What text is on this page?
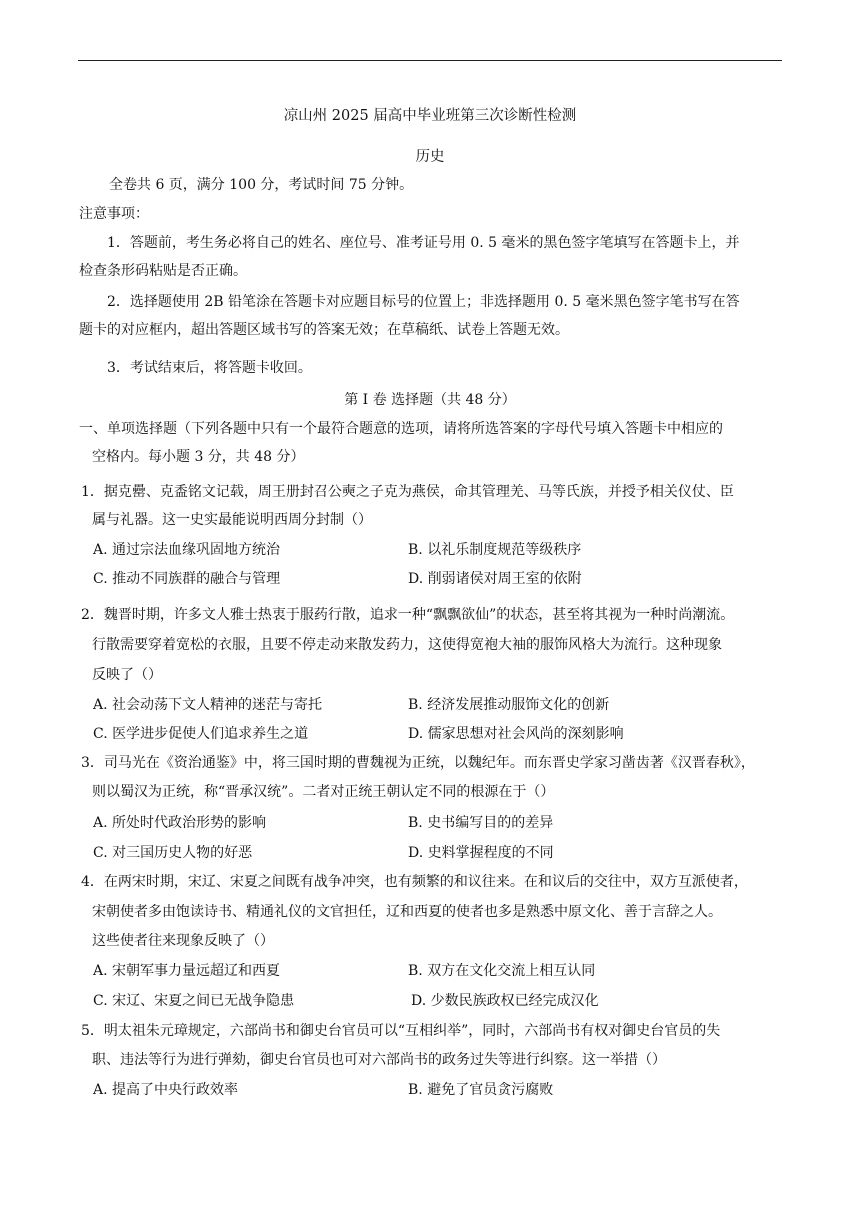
凉山州 2025 届高中毕业班第三次诊断性检测
历史
全卷共 6 页，满分 100 分，考试时间 75 分钟。
注意事项：
1．答题前，考生务必将自己的姓名、座位号、准考证号用 0. 5 毫米的黑色签字笔填写在答题卡上，并
检查条形码粘贴是否正确。
2．选择题使用 2B 铅笔涂在答题卡对应题目标号的位置上；非选择题用 0. 5 毫米黑色签字笔书写在答
题卡的对应框内，超出答题区域书写的答案无效；在草稿纸、试卷上答题无效。
3．考试结束后，将答题卡收回。
第 I 卷 选择题（共 48 分）
一、单项选择题（下列各题中只有一个最符合题意的选项，请将所选答案的字母代号填入答题卡中相应的
空格内。每小题 3 分，共 48 分）
1．据克罍、克盉铭文记载，周王册封召公奭之子克为燕侯，命其管理羌、马等氏族，并授予相关仪仗、臣
属与礼器。这一史实最能说明西周分封制（）
A. 通过宗法血缘巩固地方统治	B. 以礼乐制度规范等级秩序
C. 推动不同族群的融合与管理	D. 削弱诸侯对周王室的依附
2．魏晋时期，许多文人雅士热衷于服药行散，追求一种“飘飘欲仙”的状态，甚至将其视为一种时尚潮流。
行散需要穿着宽松的衣服，且要不停走动来散发药力，这使得宽袍大袖的服饰风格大为流行。这种现象
反映了（）
A. 社会动荡下文人精神的迷茫与寄托	B. 经济发展推动服饰文化的创新
C. 医学进步促使人们追求养生之道	D. 儒家思想对社会风尚的深刻影响
3．司马光在《资治通鉴》中，将三国时期的曹魏视为正统，以魏纪年。而东晋史学家习凿齿著《汉晋春秋》，
则以蜀汉为正统，称“晋承汉统”。二者对正统王朝认定不同的根源在于（）
A. 所处时代政治形势的影响	B. 史书编写目的的差异
C. 对三国历史人物的好恶	D. 史料掌握程度的不同
4．在两宋时期，宋辽、宋夏之间既有战争冲突，也有频繁的和议往来。在和议后的交往中，双方互派使者，
宋朝使者多由饱读诗书、精通礼仪的文官担任，辽和西夏的使者也多是熟悉中原文化、善于言辞之人。
这些使者往来现象反映了（）
A. 宋朝军事力量远超辽和西夏	B. 双方在文化交流上相互认同
C. 宋辽、宋夏之间已无战争隐患	D. 少数民族政权已经完成汉化
5．明太祖朱元璋规定，六部尚书和御史台官员可以“互相纠举”，同时，六部尚书有权对御史台官员的失
职、违法等行为进行弹劾，御史台官员也可对六部尚书的政务过失等进行纠察。这一举措（）
A. 提高了中央行政效率	B. 避免了官员贪污腐败
